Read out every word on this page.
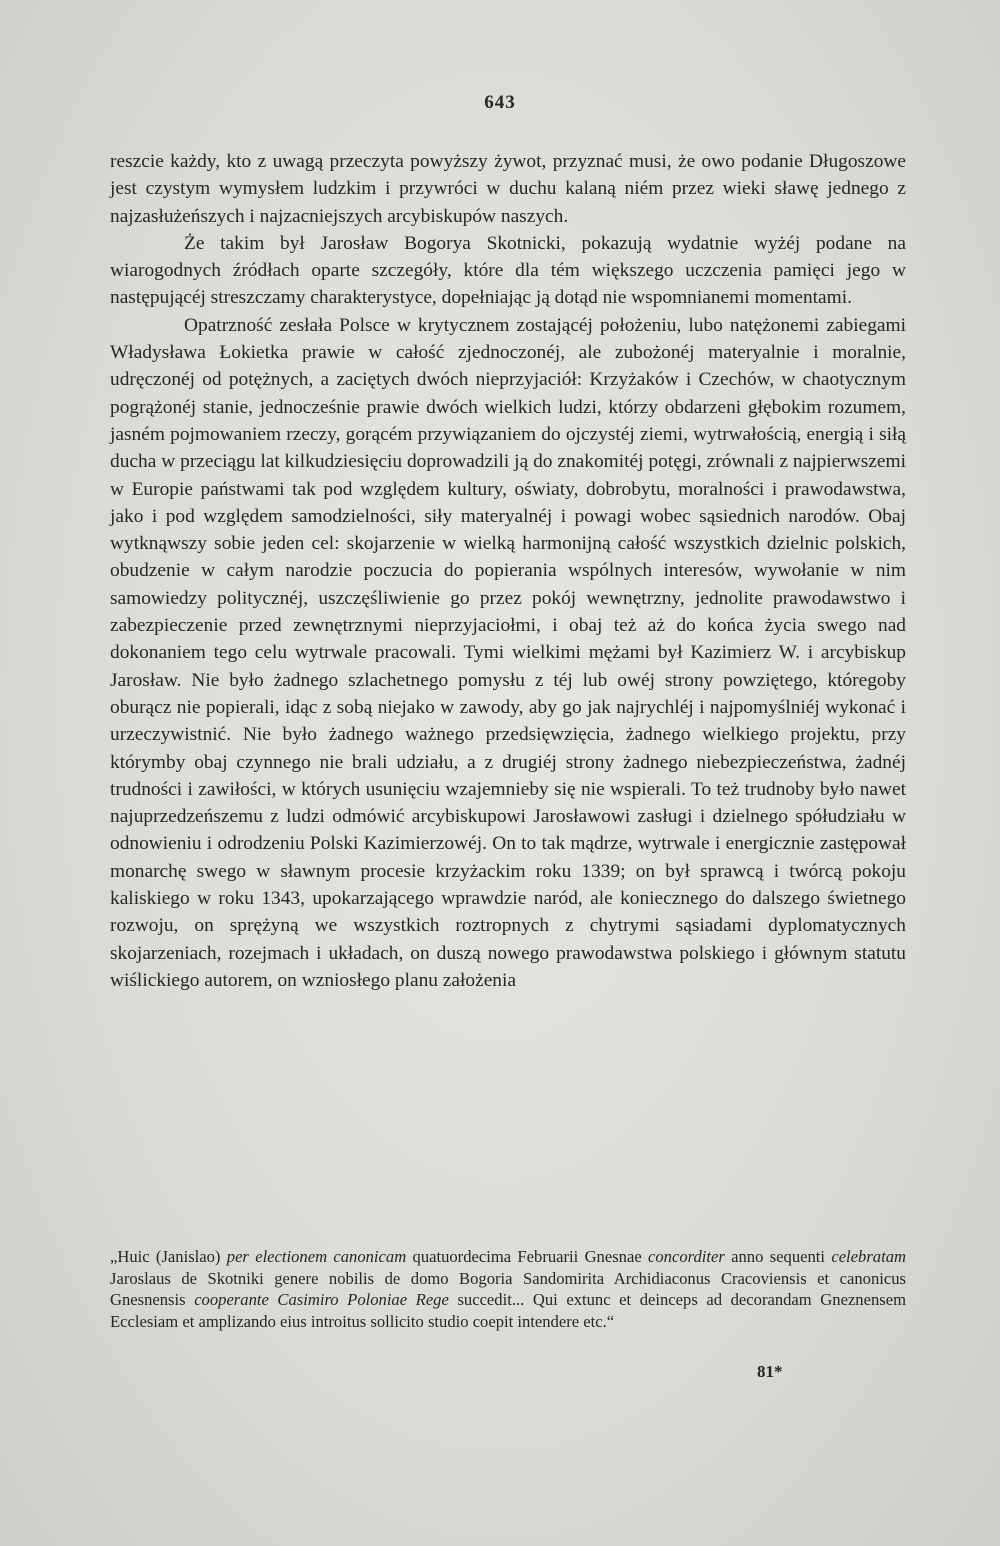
643

reszcie każdy, kto z uwagą przeczyta powyższy żywot, przyznać musi, że owo podanie Długoszowe jest czystym wymysłem ludzkim i przywróci w duchu kalaną niém przez wieki sławę jednego z najzasłużeńszych i najzacniejszych arcybiskupów naszych.

Że takim był Jarosław Bogorya Skotnicki, pokazują wydatnie wyżéj podane na wiarogodnych źródłach oparte szczegóły, które dla tém większego uczczenia pamięci jego w następującéj streszczamy charakterystyce, dopełniając ją dotąd nie wspomnianemi momentami.

Opatrzność zesłała Polsce w krytycznem zostającéj położeniu, lubo natężonemi zabiegami Władysława Łokietka prawie w całość zjednoczonéj, ale zubożonéj materyalnie i moralnie, udręczonéj od potężnych, a zaciętych dwóch nieprzyjaciół: Krzyżaków i Czechów, w chaotycznym pogrążonéj stanie, jednocześnie prawie dwóch wielkich ludzi, którzy obdarzeni głębokim rozumem, jasném pojmowaniem rzeczy, gorącém przywiązaniem do ojczystéj ziemi, wytrwałością, energią i siłą ducha w przeciągu lat kilkudziesięciu doprowadzili ją do znakomitéj potęgi, zrównali z najpierwszemi w Europie państwami tak pod względem kultury, oświaty, dobrobytu, moralności i prawodawstwa, jako i pod względem samodzielności, siły materyalnéj i powagi wobec sąsiednich narodów. Obaj wytknąwszy sobie jeden cel: skojarzenie w wielką harmonijną całość wszystkich dzielnic polskich, obudzenie w całym narodzie poczucia do popierania wspólnych interesów, wywołanie w nim samowiedzy politycznéj, uszczęśliwienie go przez pokój wewnętrzny, jednolite prawodawstwo i zabezpieczenie przed zewnętrznymi nieprzyjaciołmi, i obaj też aż do końca życia swego nad dokonaniem tego celu wytrwale pracowali. Tymi wielkimi mężami był Kazimierz W. i arcybiskup Jarosław. Nie było żadnego szlachetnego pomysłu z téj lub owéj strony powziętego, któregoby oburącz nie popierali, idąc z sobą niejako w zawody, aby go jak najrychléj i najpomyślniéj wykonać i urzeczywistnić. Nie było żadnego ważnego przedsięwzięcia, żadnego wielkiego projektu, przy którymby obaj czynnego nie brali udziału, a z drugiéj strony żadnego niebezpieczeństwa, żadnéj trudności i zawiłości, w których usunięciu wzajemnieby się nie wspierali. To też trudnoby było nawet najuprzedzeńszemu z ludzi odmówić arcybiskupowi Jarosławowi zasługi i dzielnego spółudziału w odnowieniu i odrodzeniu Polski Kazimierzowéj. On to tak mądrze, wytrwale i energicznie zastępował monarchę swego w sławnym procesie krzyżackim roku 1339; on był sprawcą i twórcą pokoju kaliskiego w roku 1343, upokarzającego wprawdzie naród, ale koniecznego do dalszego świetnego rozwoju, on sprężyną we wszystkich roztropnych z chytrymi sąsiadami dyplomatycznych skojarzeniach, rozejmach i układach, on duszą nowego prawodawstwa polskiego i głównym statutu wiślickiego autorem, on wzniosłego planu założenia

„Huic (Janislao) per electionem canonicam quatuordecima Februarii Gnesnae concorditer anno sequenti celebratam Jaroslaus de Skotniki genere nobilis de domo Bogoria Sandomirita Archidiaconus Cracoviensis et canonicus Gnesnensis cooperante Casimiro Poloniae Rege succedit... Qui extunc et deinceps ad decorandam Gneznensem Ecclesiam et amplizando eius introitus sollicito studio coepit intendere etc.“

81*
